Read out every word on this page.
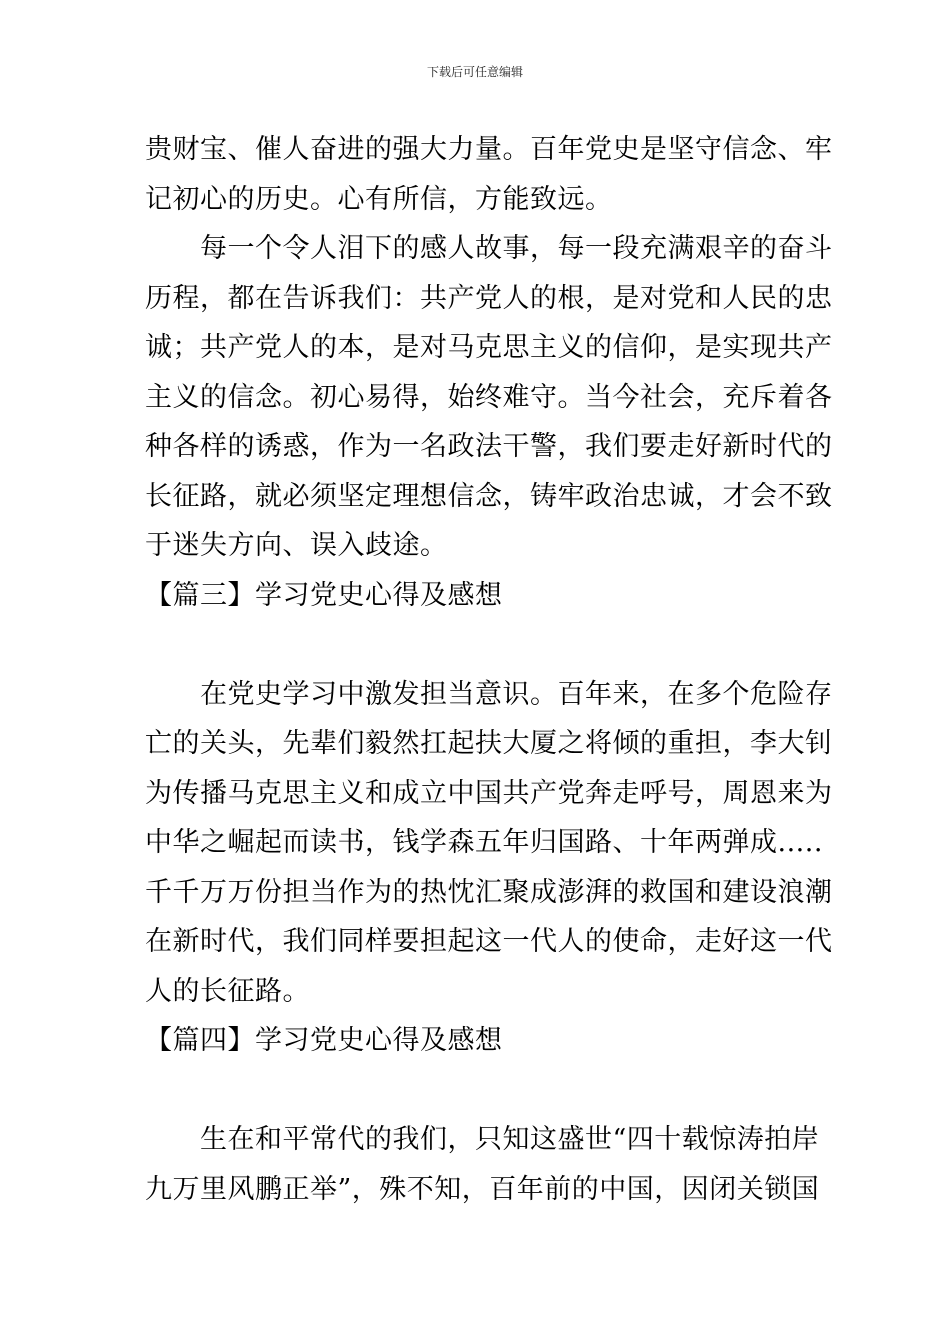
下载后可任意编辑
贵财宝、催人奋进的强大力量。百年党史是坚守信念、牢
记初心的历史。心有所信，方能致远。
每一个令人泪下的感人故事，每一段充满艰辛的奋斗
历程，都在告诉我们：共产党人的根，是对党和人民的忠
诚；共产党人的本，是对马克思主义的信仰，是实现共产
主义的信念。初心易得，始终难守。当今社会，充斥着各
种各样的诱惑，作为一名政法干警，我们要走好新时代的
长征路，就必须坚定理想信念，铸牢政治忠诚，才会不致
于迷失方向、误入歧途。
【篇三】学习党史心得及感想
在党史学习中激发担当意识。百年来，在多个危险存
亡的关头，先辈们毅然扛起扶大厦之将倾的重担，李大钊
为传播马克思主义和成立中国共产党奔走呼号，周恩来为
中华之崛起而读书，钱学森五年归国路、十年两弹成.....
千千万万份担当作为的热忱汇聚成澎湃的救国和建设浪潮
在新时代，我们同样要担起这一代人的使命，走好这一代
人的长征路。
【篇四】学习党史心得及感想
生在和平常代的我们，只知这盛世“四十载惊涛拍岸
九万里风鹏正举”，殊不知，百年前的中国，因闭关锁国
